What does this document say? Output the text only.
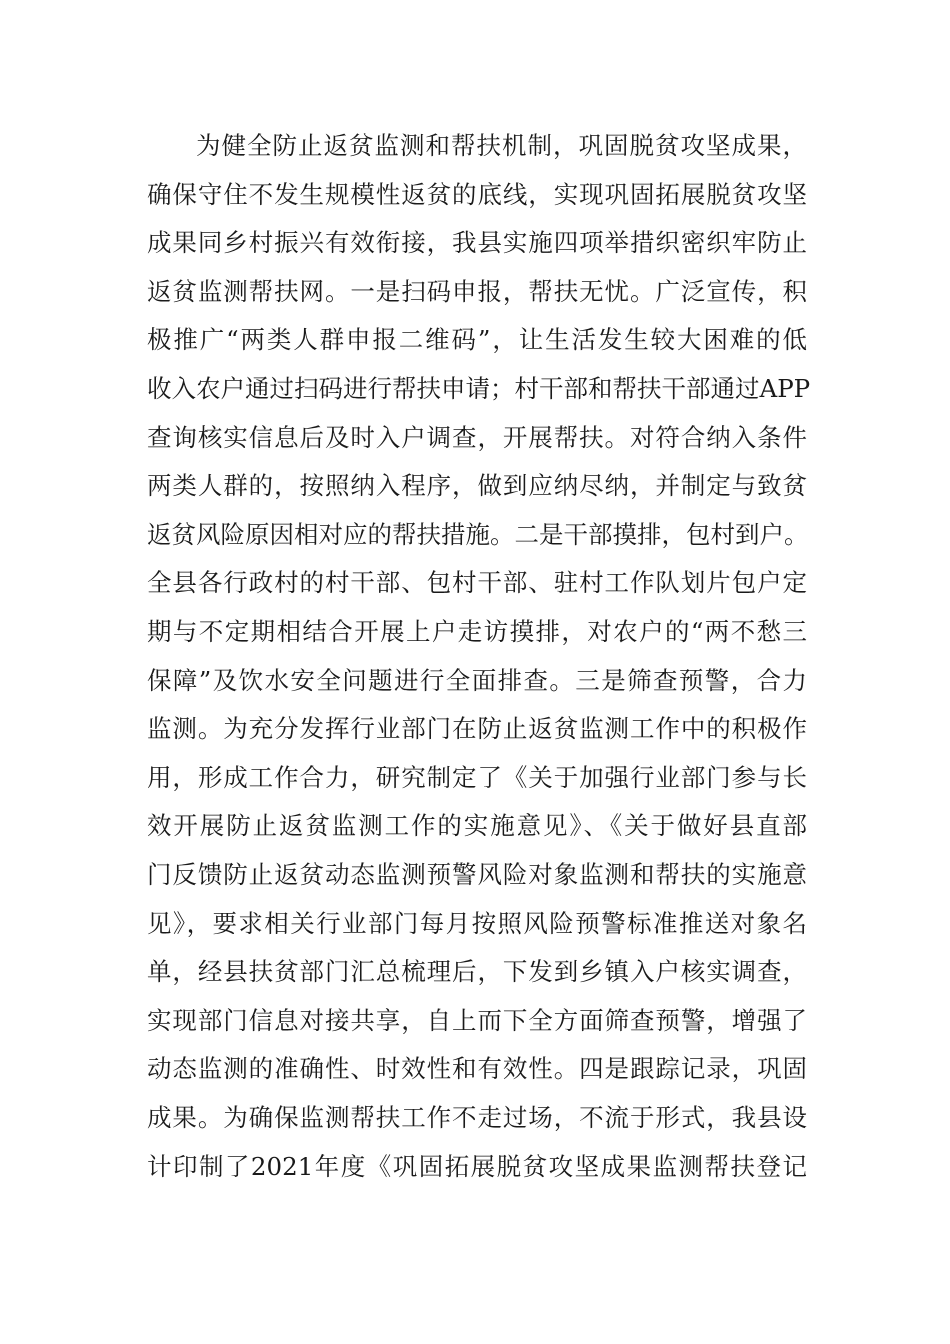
为健全防止返贫监测和帮扶机制，巩固脱贫攻坚成果，
确保守住不发生规模性返贫的底线，实现巩固拓展脱贫攻坚
成果同乡村振兴有效衔接，我县实施四项举措织密织牢防止
返贫监测帮扶网。一是扫码申报，帮扶无忧。广泛宣传，积
极推广“两类人群申报二维码”，让生活发生较大困难的低
收入农户通过扫码进行帮扶申请；村干部和帮扶干部通过APP
查询核实信息后及时入户调查，开展帮扶。对符合纳入条件
两类人群的，按照纳入程序，做到应纳尽纳，并制定与致贫
返贫风险原因相对应的帮扶措施。二是干部摸排，包村到户。
全县各行政村的村干部、包村干部、驻村工作队划片包户定
期与不定期相结合开展上户走访摸排，对农户的“两不愁三
保障”及饮水安全问题进行全面排查。三是筛查预警，合力
监测。为充分发挥行业部门在防止返贫监测工作中的积极作
用，形成工作合力，研究制定了《关于加强行业部门参与长
效开展防止返贫监测工作的实施意见》、《关于做好县直部
门反馈防止返贫动态监测预警风险对象监测和帮扶的实施意
见》，要求相关行业部门每月按照风险预警标准推送对象名
单，经县扶贫部门汇总梳理后，下发到乡镇入户核实调查，
实现部门信息对接共享，自上而下全方面筛查预警，增强了
动态监测的准确性、时效性和有效性。四是跟踪记录，巩固
成果。为确保监测帮扶工作不走过场，不流于形式，我县设
计印制了2021年度《巩固拓展脱贫攻坚成果监测帮扶登记
